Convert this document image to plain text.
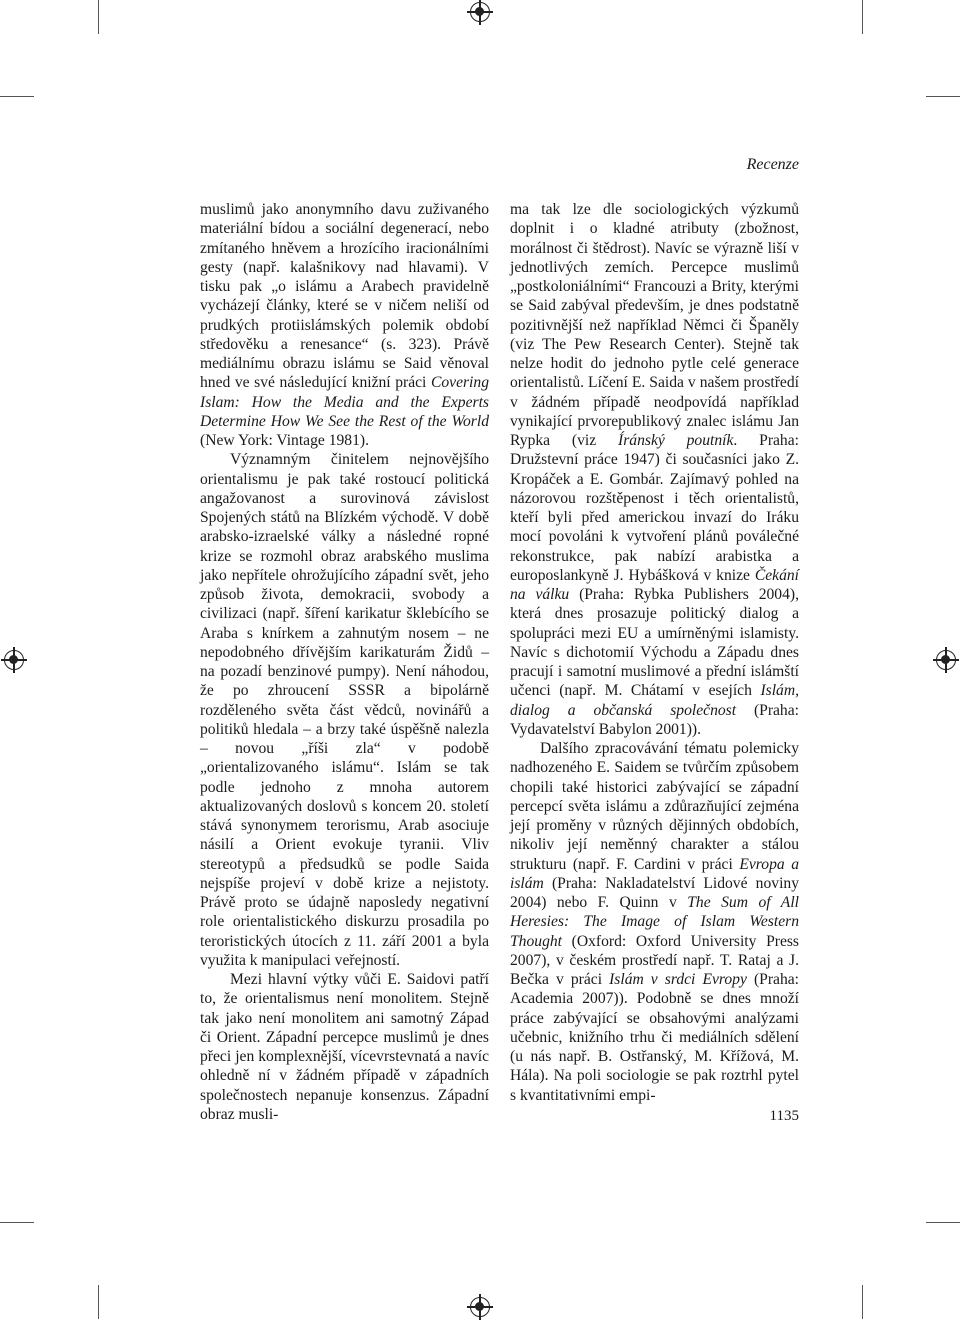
Recenze

muslimů jako anonymního davu zuživaného materiální bídou a sociální degenerací, nebo zmítaného hněvem a hrozícího iracionálními gesty (např. kalašnikovy nad hlavami). V tisku pak „o islámu a Arabech pravidelně vycházejí články, které se v ničem neliší od prudkých protiislámských polemik období středověku a renesance“ (s. 323). Právě mediálnímu obrazu islámu se Said věnoval hned ve své následující knižní práci Covering Islam: How the Media and the Experts Determine How We See the Rest of the World (New York: Vintage 1981).

Významným činitelem nejnovějšího orientalismu je pak také rostoucí politická angažovanost a surovinová závislost Spojených států na Blízkém východě. V době arabsko-izraelské války a následné ropné krize se rozmohl obraz arabského muslima jako nepřítele ohrožujícího západní svět, jeho způsob života, demokracii, svobody a civilizaci (např. šíření karikatur šklebícího se Araba s knírkem a zahnutým nosem – ne nepodobného dřívějším karikaturám Židů – na pozadí benzinové pumpy). Není náhodou, že po zhroucení SSSR a bipolárně rozděleného světa část vědců, novinářů a politiků hledala – a brzy také úspěšně nalezla – novou „říši zla“ v podobě „orientalizovaného islámu“. Islám se tak podle jednoho z mnoha autorem aktualizovaných doslovů s koncem 20. století stává synonymem terorismu, Arab asociuje násilí a Orient evokuje tyranii. Vliv stereotypů a předsudků se podle Saida nejspíše projeví v době krize a nejistoty. Právě proto se údajně naposledy negativní role orientalistického diskurzu prosadila po teroristických útocích z 11. září 2001 a byla využita k manipulaci veřejností.

Mezi hlavní výtky vůči E. Saidovi patří to, že orientalismus není monolitem. Stejně tak jako není monolitem ani samotný Západ či Orient. Západní percepce muslimů je dnes přeci jen komplexnější, vícevrstevnatá a navíc ohledně ní v žádném případě v západních společnostech nepanuje konsenzus. Západní obraz musli-

ma tak lze dle sociologických výzkumů doplnit i o kladné atributy (zbožnost, morálnost či štědrost). Navíc se výrazně liší v jednotlivých zemích. Percepce muslimů „postkoloniálními“ Francouzi a Brity, kterými se Said zabýval především, je dnes podstatně pozitivnější než například Němci či Španěly (viz The Pew Research Center). Stejně tak nelze hodit do jednoho pytle celé generace orientalistů. Líčení E. Saida v našem prostředí v žádném případě neodpovídá například vynikající prvorepublikový znalec islámu Jan Rypka (viz Íránský poutník. Praha: Družstevní práce 1947) či současníci jako Z. Kropáček a E. Gombár. Zajímavý pohled na názorovou rozštěpenost i těch orientalistů, kteří byli před americkou invazí do Iráku mocí povoláni k vytvoření plánů poválečné rekonstrukce, pak nabízí arabistka a europoslankyně J. Hybášková v knize Čekání na válku (Praha: Rybka Publishers 2004), která dnes prosazuje politický dialog a spolupráci mezi EU a umírněnými islamisty. Navíc s dichotomií Východu a Západu dnes pracují i samotní muslimové a přední islámští učenci (např. M. Chátamí v esejích Islám, dialog a občanská společnost (Praha: Vydavatelství Babylon 2001)).

Dalšího zpracovávání tématu polemicky nadhozeného E. Saidem se tvůrčím způsobem chopili také historici zabývající se západní percepcí světa islámu a zdůrazňující zejména její proměny v různých dějinných obdobích, nikoliv její neměnný charakter a stálou strukturu (např. F. Cardini v práci Evropa a islám (Praha: Nakladatelství Lidové noviny 2004) nebo F. Quinn v The Sum of All Heresies: The Image of Islam Western Thought (Oxford: Oxford University Press 2007), v českém prostředí např. T. Rataj a J. Bečka v práci Islám v srdci Evropy (Praha: Academia 2007)). Podobně se dnes množí práce zabývající se obsahovými analýzami učebnic, knižního trhu či mediálních sdělení (u nás např. B. Ostřanský, M. Křížová, M. Hála). Na poli sociologie se pak roztrhl pytel s kvantitativními empi-

1135
